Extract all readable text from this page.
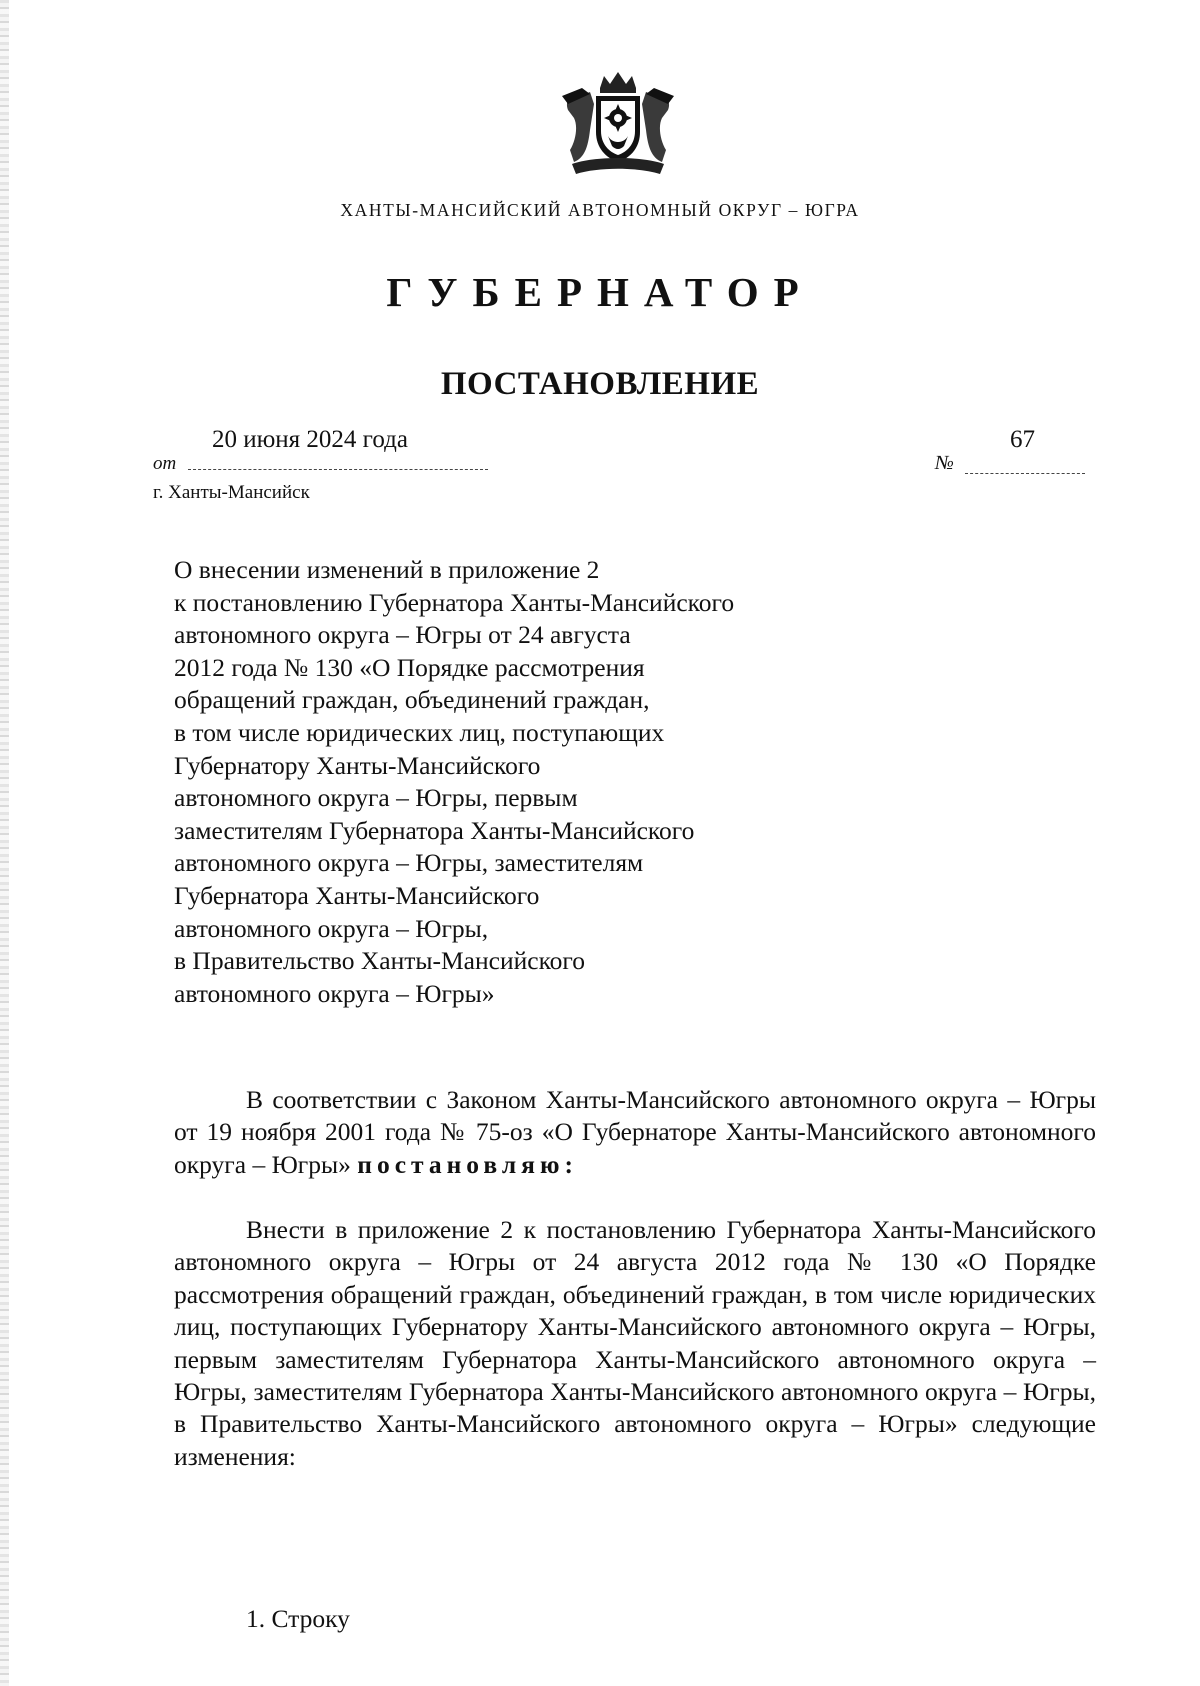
ХАНТЫ-МАНСИЙСКИЙ АВТОНОМНЫЙ ОКРУГ – ЮГРА
ГУБЕРНАТОР
ПОСТАНОВЛЕНИЕ
от
20 июня 2024 года
№
67
г. Ханты-Мансийск
О внесении изменений в приложение 2
к постановлению Губернатора Ханты-Мансийского
автономного округа – Югры от 24 августа
2012 года № 130 «О Порядке рассмотрения
обращений граждан, объединений граждан,
в том числе юридических лиц, поступающих
Губернатору Ханты-Мансийского
автономного округа – Югры, первым
заместителям Губернатора Ханты-Мансийского
автономного округа – Югры, заместителям
Губернатора Ханты-Мансийского
автономного округа – Югры,
в Правительство Ханты-Мансийского
автономного округа – Югры»
В соответствии с Законом Ханты-Мансийского автономного округа – Югры от 19 ноября 2001 года № 75-оз «О Губернаторе Ханты-Мансийского автономного округа – Югры» постановляю:
Внести в приложение 2 к постановлению Губернатора Ханты-Мансийского автономного округа – Югры от 24 августа 2012 года № 130 «О Порядке рассмотрения обращений граждан, объединений граждан, в том числе юридических лиц, поступающих Губернатору Ханты-Мансийского автономного округа – Югры, первым заместителям Губернатора Ханты-Мансийского автономного округа – Югры, заместителям Губернатора Ханты-Мансийского автономного округа – Югры, в Правительство Ханты-Мансийского автономного округа – Югры» следующие изменения:
1. Строку
